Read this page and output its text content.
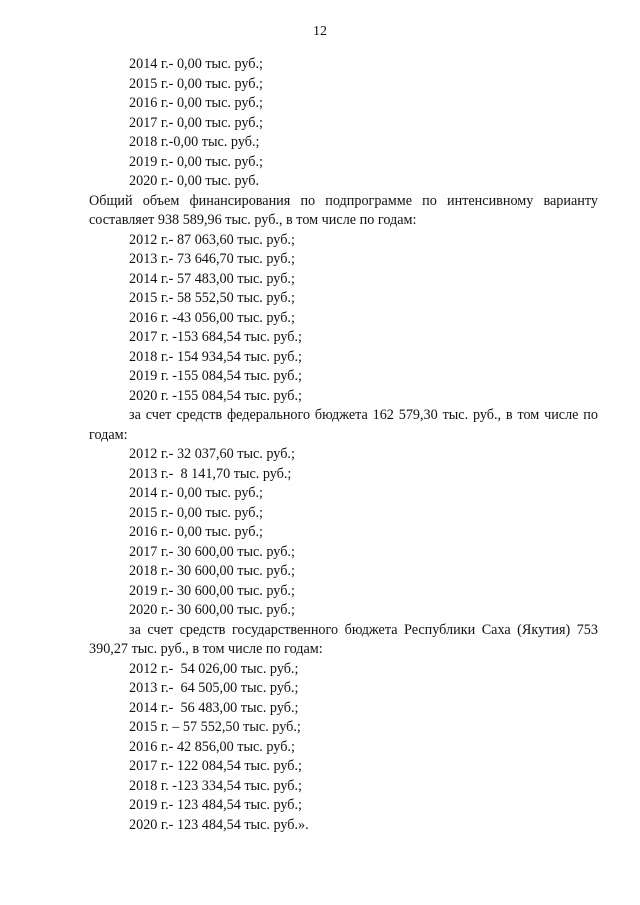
12
2014 г.- 0,00 тыс. руб.;
2015 г.- 0,00 тыс. руб.;
2016 г.- 0,00 тыс. руб.;
2017 г.- 0,00 тыс. руб.;
2018 г.-0,00 тыс. руб.;
2019 г.- 0,00 тыс. руб.;
2020 г.- 0,00 тыс. руб.
Общий объем финансирования по подпрограмме по интенсивному варианту составляет 938 589,96 тыс. руб., в том числе по годам:
2012 г.- 87 063,60 тыс. руб.;
2013 г.- 73 646,70 тыс. руб.;
2014 г.- 57 483,00 тыс. руб.;
2015 г.- 58 552,50 тыс. руб.;
2016 г. -43 056,00 тыс. руб.;
2017 г. -153 684,54 тыс. руб.;
2018 г.- 154 934,54 тыс. руб.;
2019 г. -155 084,54 тыс. руб.;
2020 г. -155 084,54 тыс. руб.;
за счет средств федерального бюджета 162 579,30 тыс. руб., в том числе по годам:
2012 г.- 32 037,60 тыс. руб.;
2013 г.-  8 141,70 тыс. руб.;
2014 г.- 0,00 тыс. руб.;
2015 г.- 0,00 тыс. руб.;
2016 г.- 0,00 тыс. руб.;
2017 г.- 30 600,00 тыс. руб.;
2018 г.- 30 600,00 тыс. руб.;
2019 г.- 30 600,00 тыс. руб.;
2020 г.- 30 600,00 тыс. руб.;
за счет средств государственного бюджета Республики Саха (Якутия) 753 390,27 тыс. руб., в том числе по годам:
2012 г.-  54 026,00 тыс. руб.;
2013 г.-  64 505,00 тыс. руб.;
2014 г.-  56 483,00 тыс. руб.;
2015 г. – 57 552,50 тыс. руб.;
2016 г.- 42 856,00 тыс. руб.;
2017 г.- 122 084,54 тыс. руб.;
2018 г. -123 334,54 тыс. руб.;
2019 г.- 123 484,54 тыс. руб.;
2020 г.- 123 484,54 тыс. руб.».
